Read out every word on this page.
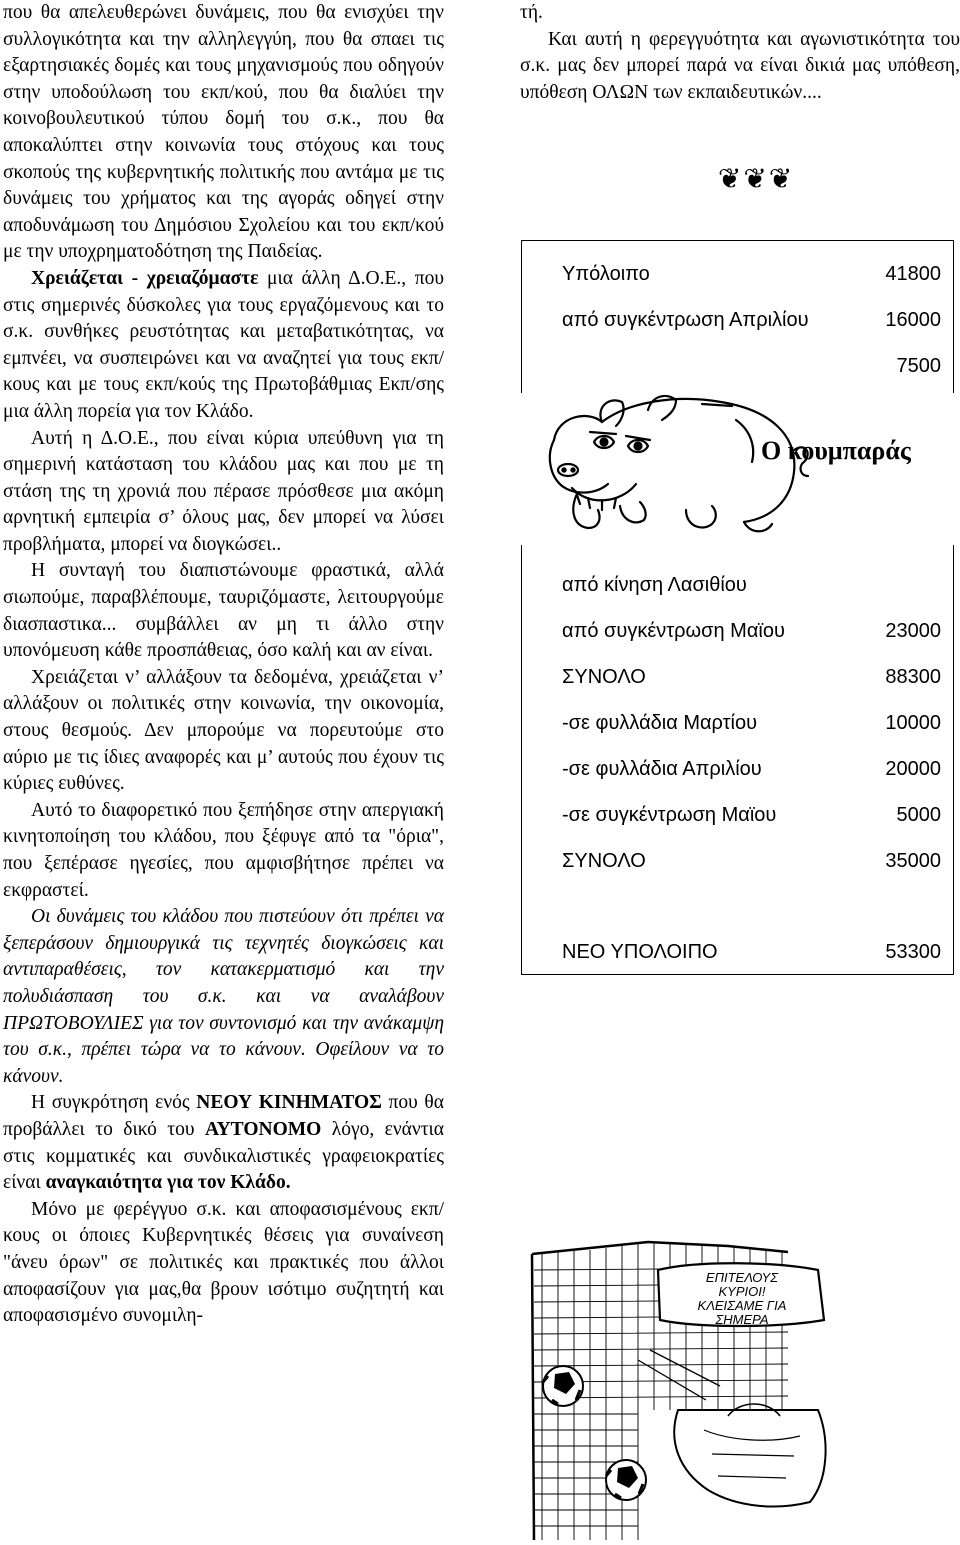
που θα απελευθερώνει δυνάμεις, που θα ενισχύει την συλλογικότητα και την αλληλεγγύη, που θα σπαει τις εξαρτησιακές δομές και τους μηχανισμούς που οδηγούν στην υποδούλωση του εκπ/κού, που θα διαλύει την κοινοβουλευτικού τύπου δομή του σ.κ., που θα αποκαλύπτει στην κοινωνία τους στόχους και τους σκοπούς της κυβερνητικής πολιτικής που αντάμα με τις δυνάμεις του χρήματος και της αγοράς οδηγεί στην αποδυνάμωση του Δημόσιου Σχολείου και του εκπ/κού με την υποχρηματοδότηση της Παιδείας.

Χρειάζεται - χρειαζόμαστε μια άλλη Δ.Ο.Ε., που στις σημερινές δύσκολες για τους εργαζόμενους και το σ.κ. συνθήκες ρευστότητας και μεταβατικότητας, να εμπνέει, να συσπειρώνει και να αναζητεί για τους εκπ/κους και με τους εκπ/κούς της Πρωτοβάθμιας Εκπ/σης μια άλλη πορεία για τον Κλάδο.

Αυτή η Δ.Ο.Ε., που είναι κύρια υπεύθυνη για τη σημερινή κατάσταση του κλάδου μας και που με τη στάση της τη χρονιά που πέρασε πρόσθεσε μια ακόμη αρνητική εμπειρία σ’ όλους μας, δεν μπορεί να λύσει προβλήματα, μπορεί να διογκώσει..

Η συνταγή του διαπιστώνουμε φραστικά, αλλά σιωπούμε, παραβλέπουμε, ταυριζόμαστε, λειτουργούμε διασπαστικα... συμβάλλει αν μη τι άλλο στην υπονόμευση κάθε προσπάθειας, όσο καλή και αν είναι.

Χρειάζεται ν’ αλλάξουν τα δεδομένα, χρειάζεται ν’ αλλάξουν οι πολιτικές στην κοινωνία, την οικονομία, στους θεσμούς. Δεν μπορούμε να πορευτούμε στο αύριο με τις ίδιες αναφορές και μ’ αυτούς που έχουν τις κύριες ευθύνες.

Αυτό το διαφορετικό που ξεπήδησε στην απεργιακή κινητοποίηση του κλάδου, που ξέφυγε από τα "όρια", που ξεπέρασε ηγεσίες, που αμφισβήτησε πρέπει να εκφραστεί.

Οι δυνάμεις του κλάδου που πιστεύουν ότι πρέπει να ξεπεράσουν δημιουργικά τις τεχνητές διογκώσεις και αντιπαραθέσεις, τον κατακερματισμό και την πολυδιάσπαση του σ.κ. και να αναλάβουν ΠΡΩΤΟΒΟΥΛΙΕΣ για τον συντονισμό και την ανάκαμψη του σ.κ., πρέπει τώρα να το κάνουν. Οφείλουν να το κάνουν.

Η συγκρότηση ενός ΝΕΟΥ ΚΙΝΗΜΑΤΟΣ που θα προβάλλει το δικό του ΑΥΤΟΝΟΜΟ λόγο, ενάντια στις κομματικές και συνδικαλιστικές γραφειοκρατίες είναι αναγκαιότητα για τον Κλάδο.

Μόνο με φερέγγυο σ.κ. και αποφασισμένους εκπ/κους οι όποιες Κυβερνητικές θέσεις για συναίνεση "άνευ όρων" σε πολιτικές και πρακτικές που άλλοι αποφασίζουν για μας,θα βρουν ισότιμο συζητητή και αποφασισμένο συνομιλη-

τή.

Και αυτή η φερεγγυότητα και αγωνιστικότητα του σ.κ. μας δεν μπορεί παρά να είναι δικιά μας υπόθεση, υπόθεση ΟΛΩΝ των εκπαιδευτικών....

❦❦❦
Υπόλοιπο	41800
από συγκέντρωση Απριλίου	16000
7500
Ο κουμπαράς
από κίνηση Λασιθίου
από συγκέντρωση Μαϊου	23000
ΣΥΝΟΛΟ	88300
-σε φυλλάδια Μαρτίου	10000
-σε φυλλάδια Απριλίου	20000
-σε συγκέντρωση Μαϊου	5000
ΣΥΝΟΛΟ	35000
ΝΕΟ ΥΠΟΛΟΙΠΟ	53300
ΕΠΙΤΕΛΟΥΣ
ΚΥΡΙΟΙ!
ΚΛΕΙΣΑΜΕ ΓΙΑ
ΣΗΜΕΡΑ
